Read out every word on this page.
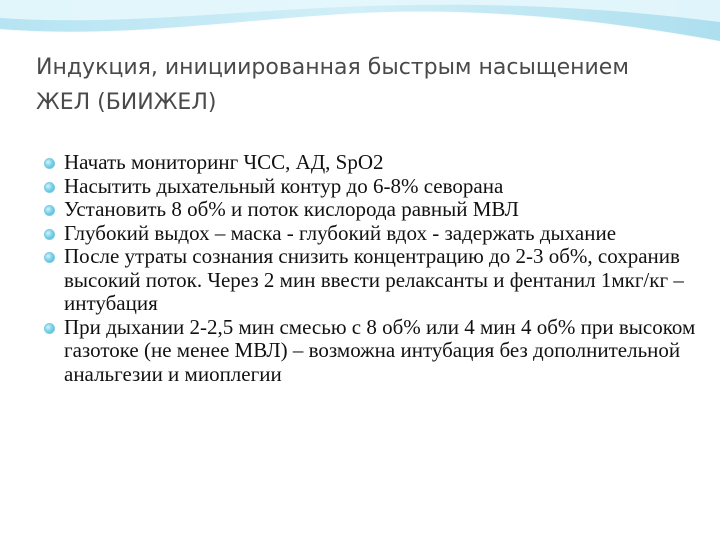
Индукция, инициированная быстрым насыщением ЖЕЛ (БИИЖЕЛ)
Начать мониторинг ЧСС, АД, SpO2
Насытить дыхательный контур до 6-8% севорана
Установить 8 об% и поток кислорода равный МВЛ
Глубокий выдох – маска - глубокий вдох - задержать дыхание
После утраты сознания снизить концентрацию до 2-3 об%, сохранив высокий поток. Через 2 мин ввести релаксанты и фентанил 1мкг/кг – интубация
При дыхании 2-2,5 мин смесью с 8 об% или 4 мин 4 об% при высоком газотоке (не менее МВЛ) – возможна интубация без дополнительной анальгезии и миоплегии
